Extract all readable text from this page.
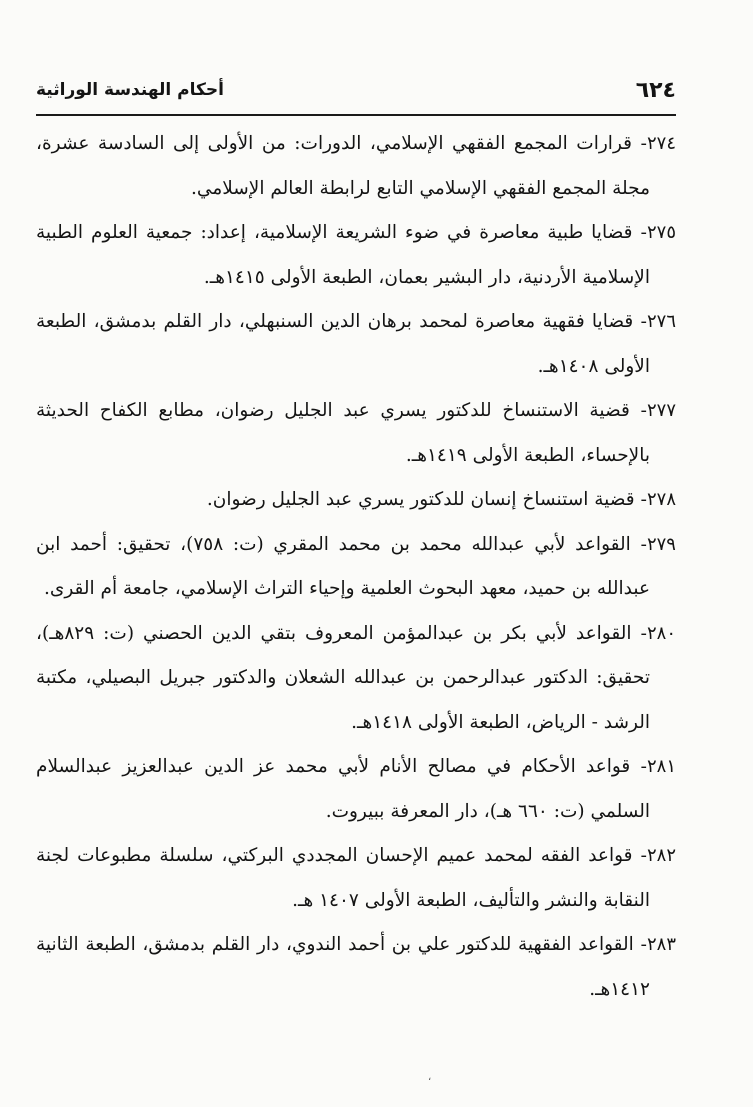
٦٢٤
أحكام الهندسة الوراثية

٢٧٤- قرارات المجمع الفقهي الإسلامي، الدورات: من الأولى إلى السادسة عشرة، مجلة المجمع الفقهي الإسلامي التابع لرابطة العالم الإسلامي.

٢٧٥- قضايا طبية معاصرة في ضوء الشريعة الإسلامية، إعداد: جمعية العلوم الطبية الإسلامية الأردنية، دار البشير بعمان، الطبعة الأولى ١٤١٥هـ.

٢٧٦- قضايا فقهية معاصرة لمحمد برهان الدين السنبهلي، دار القلم بدمشق، الطبعة الأولى ١٤٠٨هـ.

٢٧٧- قضية الاستنساخ للدكتور يسري عبد الجليل رضوان، مطابع الكفاح الحديثة بالإحساء، الطبعة الأولى ١٤١٩هـ.

٢٧٨- قضية استنساخ إنسان للدكتور يسري عبد الجليل رضوان.

٢٧٩- القواعد لأبي عبدالله محمد بن محمد المقري (ت: ٧٥٨)، تحقيق: أحمد ابن عبدالله بن حميد، معهد البحوث العلمية وإحياء التراث الإسلامي، جامعة أم القرى.

٢٨٠- القواعد لأبي بكر بن عبدالمؤمن المعروف بتقي الدين الحصني (ت: ٨٢٩هـ)، تحقيق: الدكتور عبدالرحمن بن عبدالله الشعلان والدكتور جبريل البصيلي، مكتبة الرشد - الرياض، الطبعة الأولى ١٤١٨هـ.

٢٨١- قواعد الأحكام في مصالح الأنام لأبي محمد عز الدين عبدالعزيز عبدالسلام السلمي (ت: ٦٦٠ هـ)، دار المعرفة ببيروت.

٢٨٢- قواعد الفقه لمحمد عميم الإحسان المجددي البركتي، سلسلة مطبوعات لجنة النقابة والنشر والتأليف، الطبعة الأولى ١٤٠٧ هـ.

٢٨٣- القواعد الفقهية للدكتور علي بن أحمد الندوي، دار القلم بدمشق، الطبعة الثانية ١٤١٢هـ.

،
